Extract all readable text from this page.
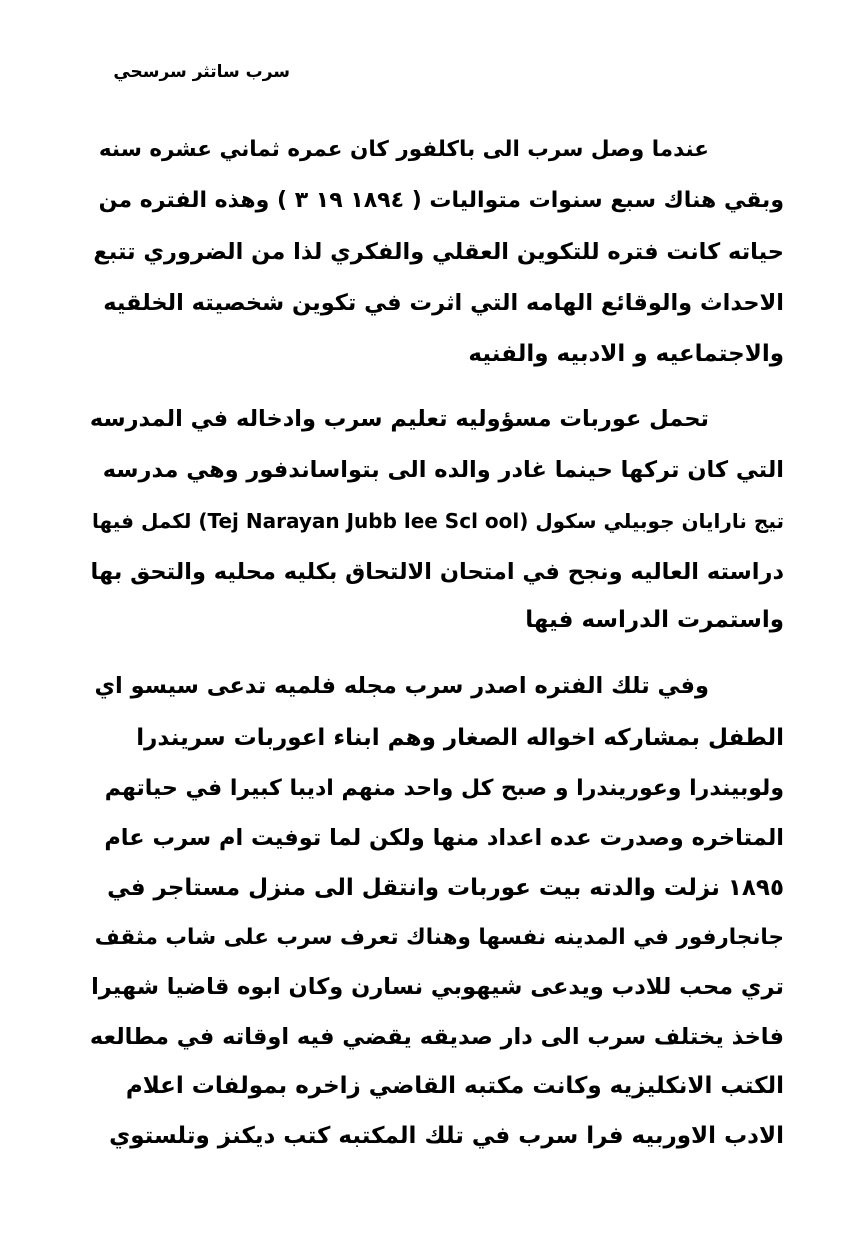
سرب ساتثر سرسحي
عندما وصل سرب الى باكلفور كان عمره ثماني عشره سنه
وبقي هناك سبع سنوات متواليات ( ١٨٩٤ ١٩ ٣ ) وهذه الفتره من
حياته كانت فتره للتكوين العقلي والفكري لذا من الضروري تتبع
الاحداث والوقائع الهامه التي اثرت في تكوين شخصيته الخلقيه
والاجتماعيه و الادبيه والفنيه
تحمل عوربات مسؤوليه تعليم سرب وادخاله في المدرسه
التي كان تركها حينما غادر والده الى بتواساندفور وهي مدرسه
تيج نارايان جوبيلي سكول (Tej Narayan Jubb lee Scl ool) لكمل فيها
دراسته العاليه ونجح في امتحان الالتحاق بكليه محليه والتحق بها
واستمرت الدراسه فيها
وفي تلك الفتره اصدر سرب مجله فلميه تدعى سيسو اي
الطفل بمشاركه اخواله الصغار وهم ابناء اعوربات سريندرا
ولوبيندرا وعوريندرا و صبح كل واحد منهم اديبا كبيرا في حياتهم
المتاخره وصدرت عده اعداد منها ولكن لما توفيت ام سرب عام
١٨٩٥ نزلت والدته بيت عوربات وانتقل الى منزل مستاجر في
جانجارفور في المدينه نفسها وهناك تعرف سرب على شاب مثقف
تري محب للادب ويدعى شيهوبي نسارن وكان ابوه قاضيا شهيرا
فاخذ يختلف سرب الى دار صديقه يقضي فيه اوقاته في مطالعه
الكتب الانكليزيه وكانت مكتبه القاضي زاخره بمولفات اعلام
الادب الاوربيه فرا سرب في تلك المكتبه كتب ديكنز وتلستوي
